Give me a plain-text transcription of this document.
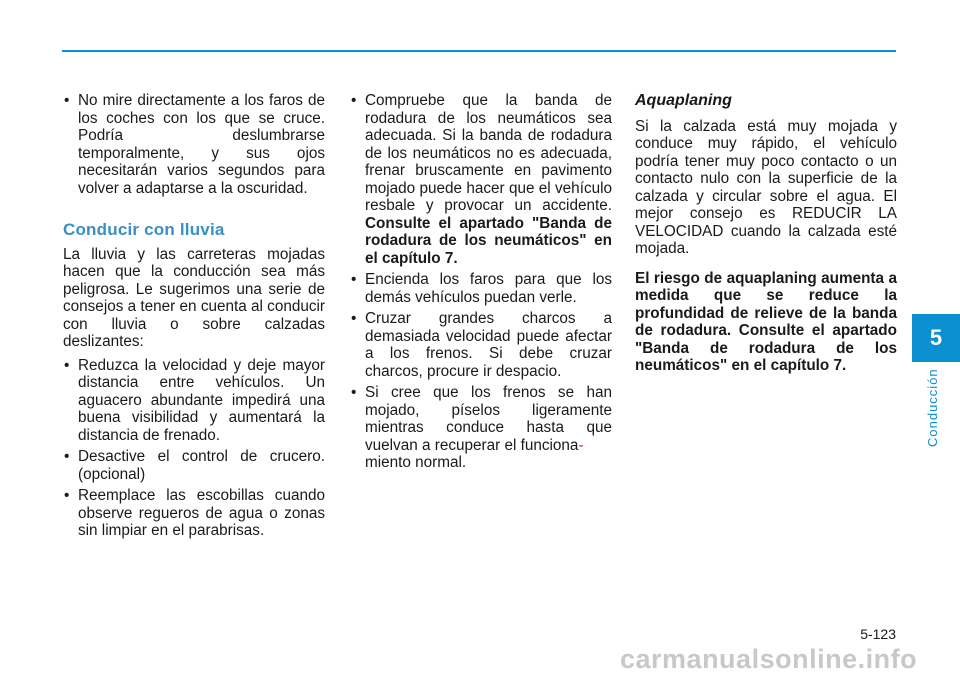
• No mire directamente a los faros de los coches con los que se cruce. Podría deslumbrarse temporalmente, y sus ojos necesitarán varios segundos para volver a adaptarse a la oscuridad.
Conducir con lluvia

La lluvia y las carreteras mojadas hacen que la conducción sea más peligrosa. Le sugerimos una serie de consejos a tener en cuenta al conducir con lluvia o sobre calzadas deslizantes:

• Reduzca la velocidad y deje mayor distancia entre vehículos. Un aguacero abundante impedirá una buena visibilidad y aumentará la distancia de frenado.
• Desactive el control de crucero. (opcional)
• Reemplace las escobillas cuando observe regueros de agua o zonas sin limpiar en el parabrisas.
• Compruebe que la banda de rodadura de los neumáticos sea adecuada. Si la banda de rodadura de los neumáticos no es adecuada, frenar bruscamente en pavimento mojado puede hacer que el vehículo resbale y provocar un accidente. Consulte el apartado "Banda de rodadura de los neumáticos" en el capítulo 7.
• Encienda los faros para que los demás vehículos puedan verle.
• Cruzar grandes charcos a demasiada velocidad puede afectar a los frenos. Si debe cruzar charcos, procure ir despacio.
• Si cree que los frenos se han mojado, píselos ligeramente mientras conduce hasta que vuelvan a recuperar el funciona-
miento normal.
Aquaplaning

Si la calzada está muy mojada y conduce muy rápido, el vehículo podría tener muy poco contacto o un contacto nulo con la superficie de la calzada y circular sobre el agua. El mejor consejo es REDUCIR LA VELOCIDAD cuando la calzada esté mojada.

El riesgo de aquaplaning aumenta a medida que se reduce la profundidad de relieve de la banda de rodadura. Consulte el apartado "Banda de rodadura de los neumáticos" en el capítulo 7.

5
Conducción
5-123
carmanualsonline.info
